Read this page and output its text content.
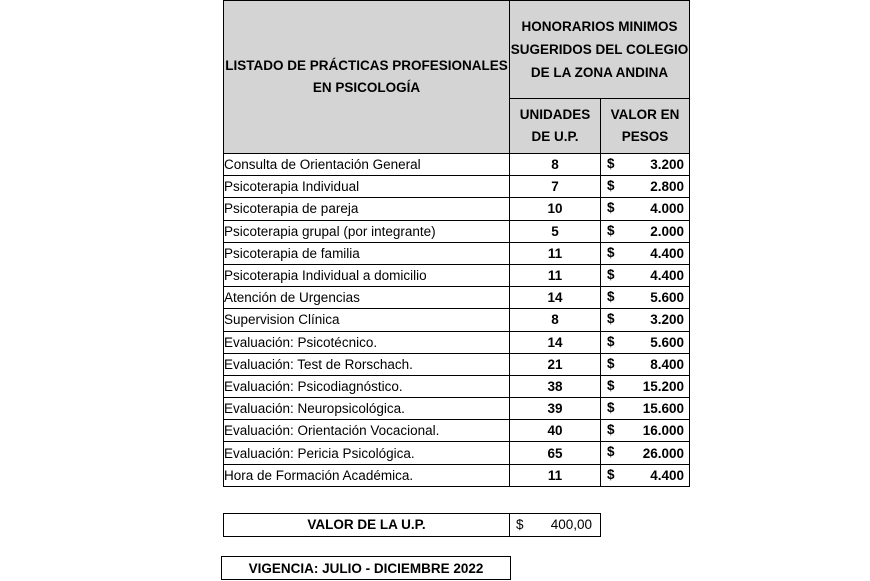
LISTADO DE PRÁCTICAS PROFESIONALES EN PSICOLOGÍA	HONORARIOS MINIMOS SUGERIDOS DEL COLEGIO DE LA ZONA ANDINA	
	UNIDADES DE U.P.	VALOR EN PESOS
Consulta de Orientación General	8	$ 3.200

Psicoterapia Individual	7	$ 2.800

Psicoterapia de pareja	10	$ 4.000

Psicoterapia grupal (por integrante)	5	$ 2.000

Psicoterapia de familia	11	$ 4.400

Psicoterapia Individual a domicilio	11	$ 4.400

Atención de Urgencias	14	$ 5.600

Supervision Clínica	8	$ 3.200

Evaluación: Psicotécnico.	14	$ 5.600

Evaluación: Test de Rorschach.	21	$ 8.400

Evaluación: Psicodiagnóstico.	38	$ 15.200

Evaluación: Neuropsicológica.	39	$ 15.600

Evaluación: Orientación Vocacional.	40	$ 16.000

Evaluación: Pericia Psicológica.	65	$ 26.000

Hora de Formación Académica.	11	$ 4.400
VALOR DE LA U.P.	$ 400,00
VIGENCIA: JULIO - DICIEMBRE 2022
